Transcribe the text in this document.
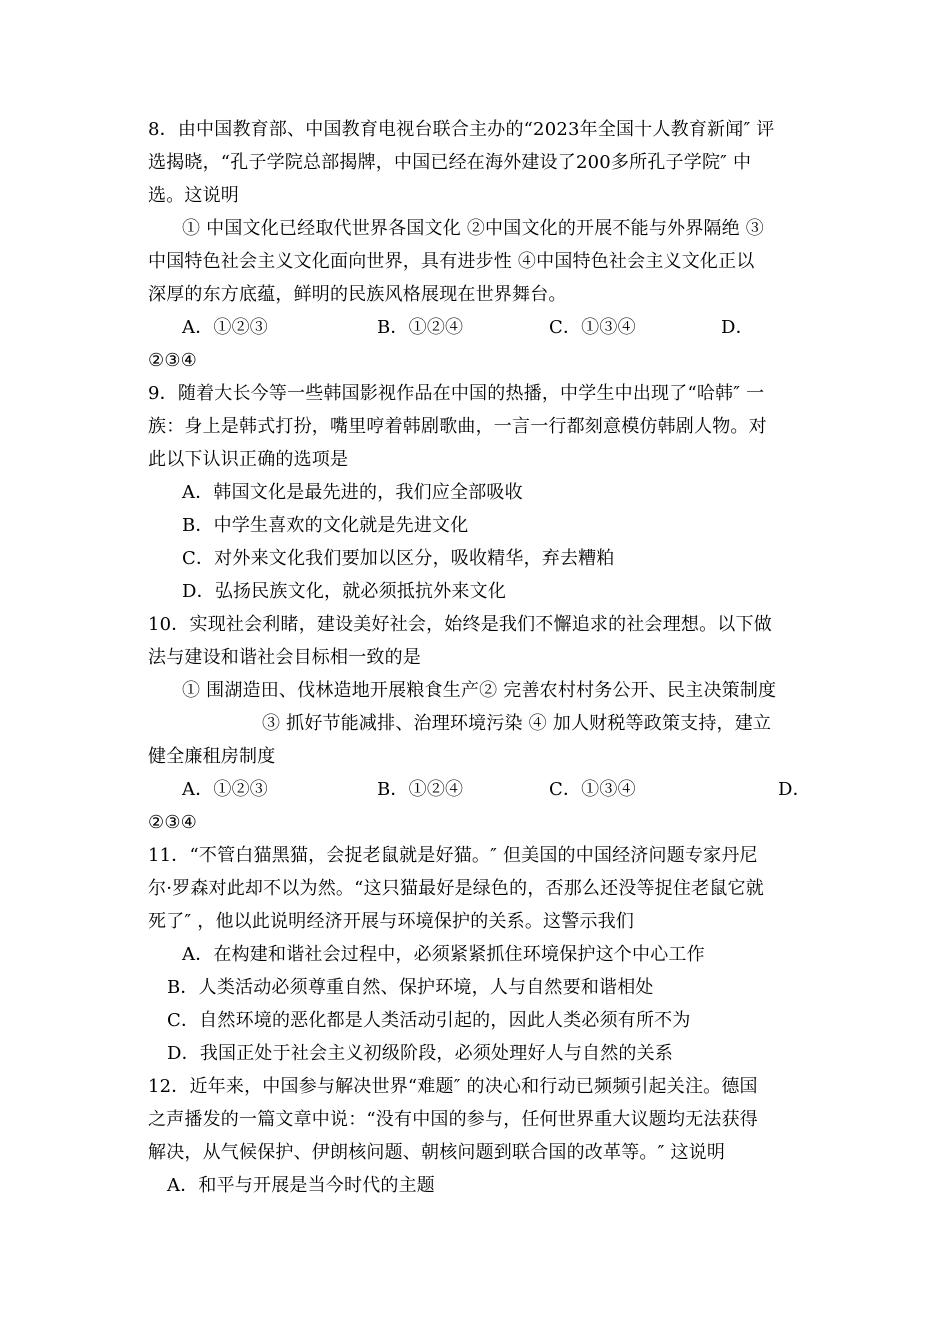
8．由中国教育部、中国教育电视台联合主办的“2023年全国十人教育新闻″ 评
选揭晓，“孔子学院总部揭牌，中国已经在海外建设了200多所孔子学院″ 中
选。这说明
① 中国文化已经取代世界各国文化 ②中国文化的开展不能与外界隔绝 ③
中国特色社会主义文化面向世界，具有进步性 ④中国特色社会主义文化正以
深厚的东方底蕴，鲜明的民族风格展现在世界舞台。
A．①②③	B．①②④	C．①③④	D．
②③④
9．随着大长今等一些韩国影视作品在中国的热播，中学生中出现了“哈韩″ 一
族：身上是韩式打扮，嘴里哼着韩剧歌曲，一言一行都刻意模仿韩剧人物。对
此以下认识正确的选项是
A．韩国文化是最先进的，我们应全部吸收
B．中学生喜欢的文化就是先进文化
C．对外来文化我们要加以区分，吸收精华，弃去糟粕
D．弘扬民族文化，就必须抵抗外来文化
10．实现社会利睹，建设美好社会，始终是我们不懈追求的社会理想。以下做
法与建设和谐社会目标相一致的是
① 围湖造田、伐林造地开展粮食生产② 完善农村村务公开、民主决策制度
③ 抓好节能减排、治理环境污染 ④ 加人财税等政策支持，建立
健全廉租房制度
A．①②③	B．①②④	C．①③④	D．
②③④
11．“不管白猫黑猫，会捉老鼠就是好猫。″ 但美国的中国经济问题专家丹尼
尔·罗森对此却不以为然。“这只猫最好是绿色的，否那么还没等捉住老鼠它就
死了″ ，他以此说明经济开展与环境保护的关系。这警示我们
A．在构建和谐社会过程中，必须紧紧抓住环境保护这个中心工作
B．人类活动必须尊重自然、保护环境，人与自然要和谐相处
C．自然环境的恶化都是人类活动引起的，因此人类必须有所不为
D．我国正处于社会主义初级阶段，必须处理好人与自然的关系
12．近年来，中国参与解决世界“难题″ 的决心和行动已频频引起关注。德国
之声播发的一篇文章中说：“没有中国的参与，任何世界重大议题均无法获得
解决，从气候保护、伊朗核问题、朝核问题到联合国的改革等。″ 这说明
A．和平与开展是当今时代的主题
